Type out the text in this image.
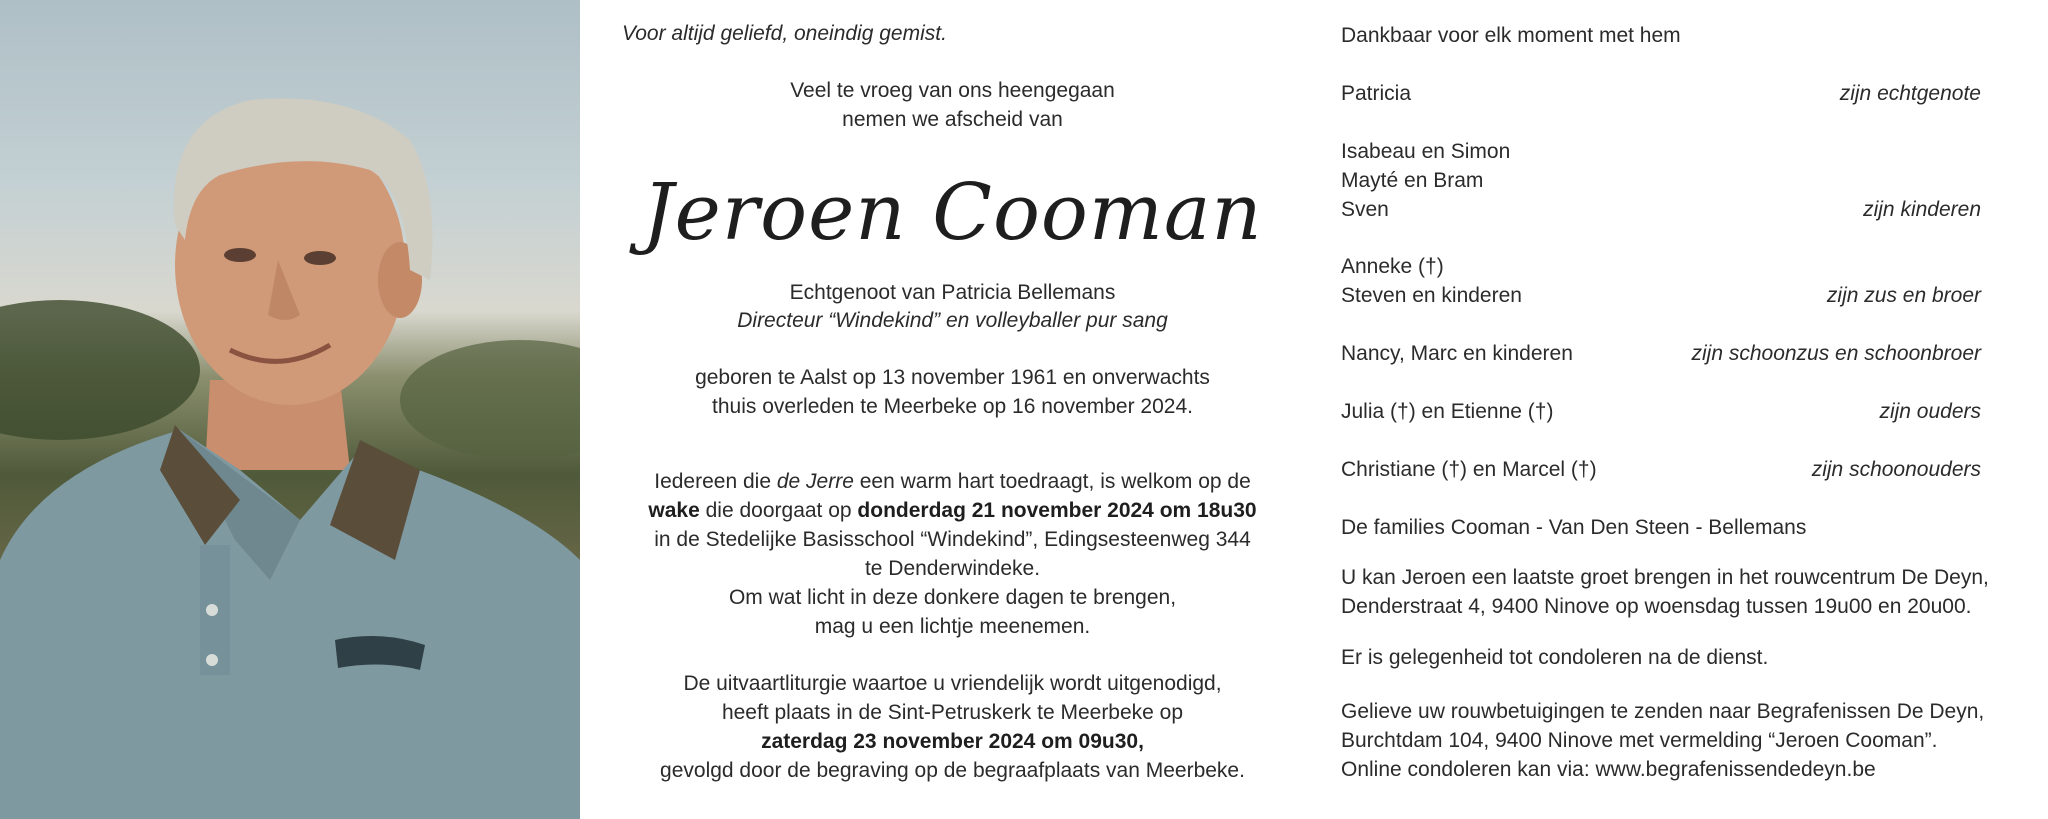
Voor altijd geliefd, oneindig gemist.
Veel te vroeg van ons heengegaan
nemen we afscheid van
Jeroen Cooman
Echtgenoot van Patricia Bellemans
Directeur “Windekind” en volleyballer pur sang
geboren te Aalst op 13 november 1961 en onverwachts
thuis overleden te Meerbeke op 16 november 2024.
Iedereen die de Jerre een warm hart toedraagt, is welkom op de
wake die doorgaat op donderdag 21 november 2024 om 18u30
in de Stedelijke Basisschool “Windekind”, Edingsesteenweg 344
te Denderwindeke.
Om wat licht in deze donkere dagen te brengen,
mag u een lichtje meenemen.
De uitvaartliturgie waartoe u vriendelijk wordt uitgenodigd,
heeft plaats in de Sint-Petruskerk te Meerbeke op
zaterdag 23 november 2024 om 09u30,
gevolgd door de begraving op de begraafplaats van Meerbeke.
Dankbaar voor elk moment met hem
Patricia	zijn echtgenote
Isabeau en Simon
Mayté en Bram
Sven	zijn kinderen
Anneke (†)
Steven en kinderen	zijn zus en broer
Nancy, Marc en kinderen	zijn schoonzus en schoonbroer
Julia (†) en Etienne (†)	zijn ouders
Christiane (†) en Marcel (†)	zijn schoonouders
De families Cooman - Van Den Steen - Bellemans
U kan Jeroen een laatste groet brengen in het rouwcentrum De Deyn,
Denderstraat 4, 9400 Ninove op woensdag tussen 19u00 en 20u00.
Er is gelegenheid tot condoleren na de dienst.
Gelieve uw rouwbetuigingen te zenden naar Begrafenissen De Deyn,
Burchtdam 104, 9400 Ninove met vermelding “Jeroen Cooman”.
Online condoleren kan via: www.begrafenissendedeyn.be
